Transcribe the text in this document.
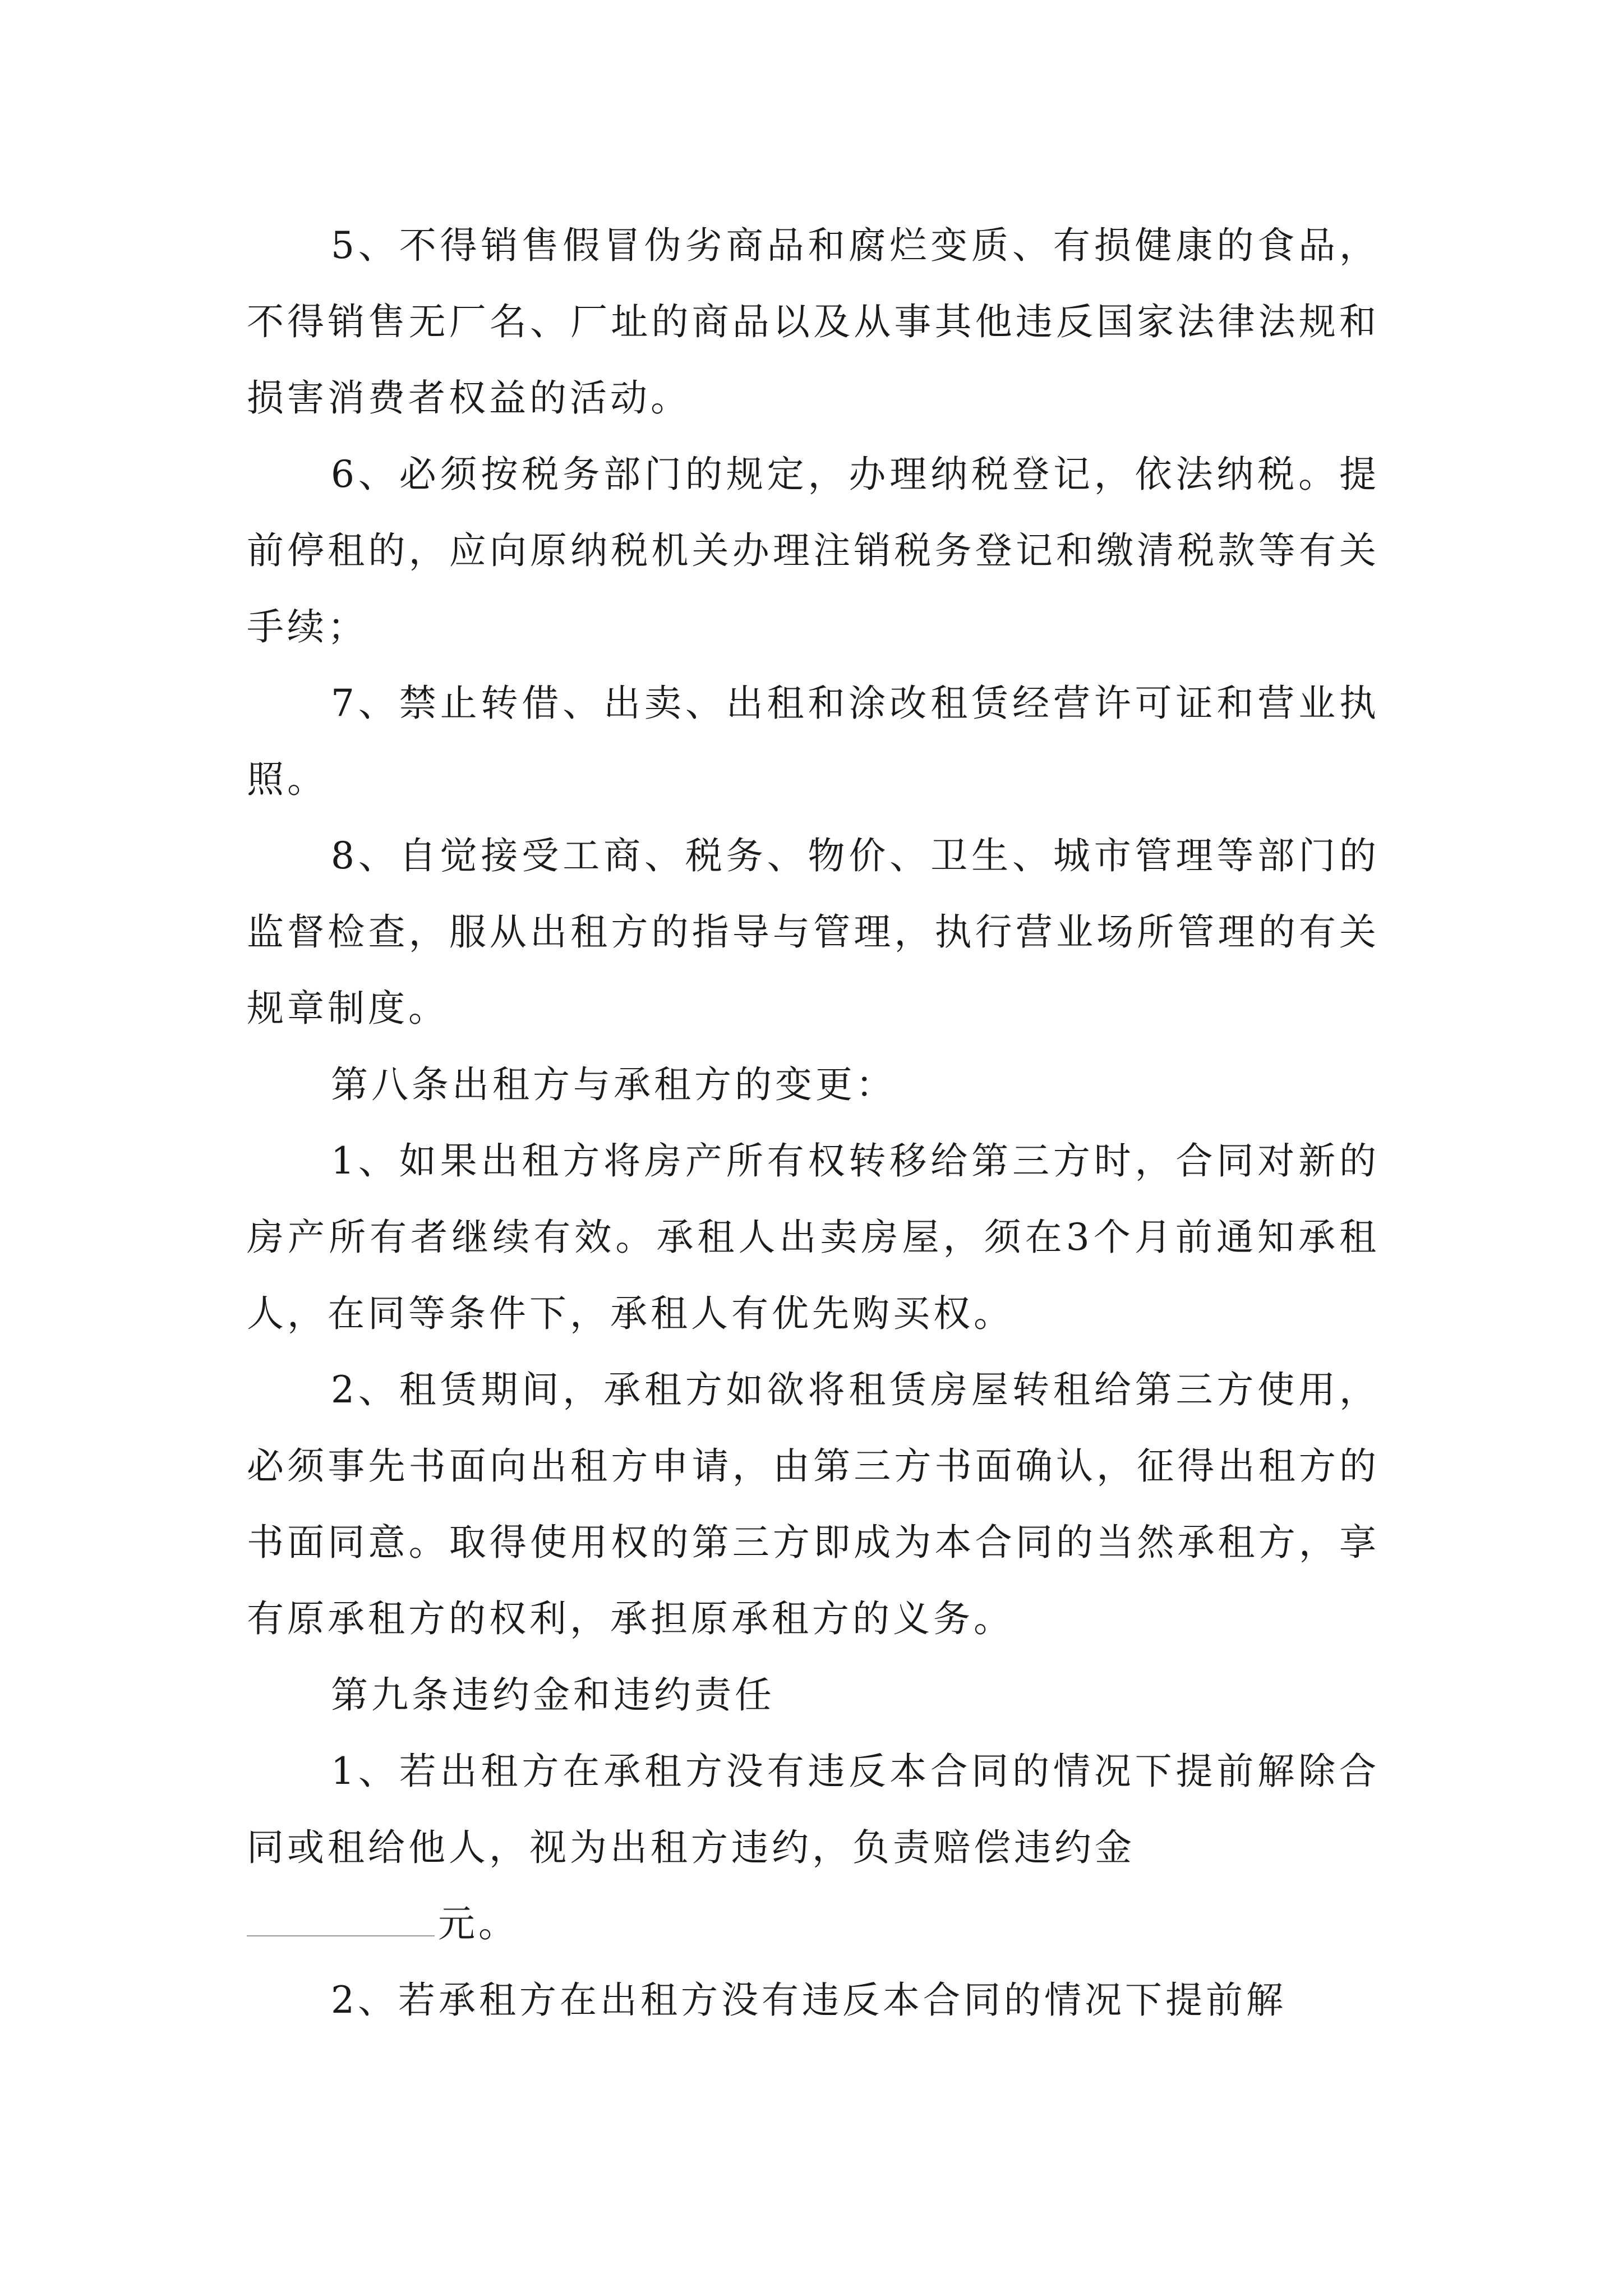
5、不得销售假冒伪劣商品和腐烂变质、有损健康的食品，不得销售无厂名、厂址的商品以及从事其他违反国家法律法规和损害消费者权益的活动。

6、必须按税务部门的规定，办理纳税登记，依法纳税。提前停租的，应向原纳税机关办理注销税务登记和缴清税款等有关手续；

7、禁止转借、出卖、出租和涂改租赁经营许可证和营业执照。

8、自觉接受工商、税务、物价、卫生、城市管理等部门的监督检查，服从出租方的指导与管理，执行营业场所管理的有关规章制度。

第八条出租方与承租方的变更：

1、如果出租方将房产所有权转移给第三方时，合同对新的房产所有者继续有效。承租人出卖房屋，须在3个月前通知承租人，在同等条件下，承租人有优先购买权。

2、租赁期间，承租方如欲将租赁房屋转租给第三方使用，必须事先书面向出租方申请，由第三方书面确认，征得出租方的书面同意。取得使用权的第三方即成为本合同的当然承租方，享有原承租方的权利，承担原承租方的义务。

第九条违约金和违约责任

1、若出租方在承租方没有违反本合同的情况下提前解除合同或租给他人，视为出租方违约，负责赔偿违约金

元。

2、若承租方在出租方没有违反本合同的情况下提前解
